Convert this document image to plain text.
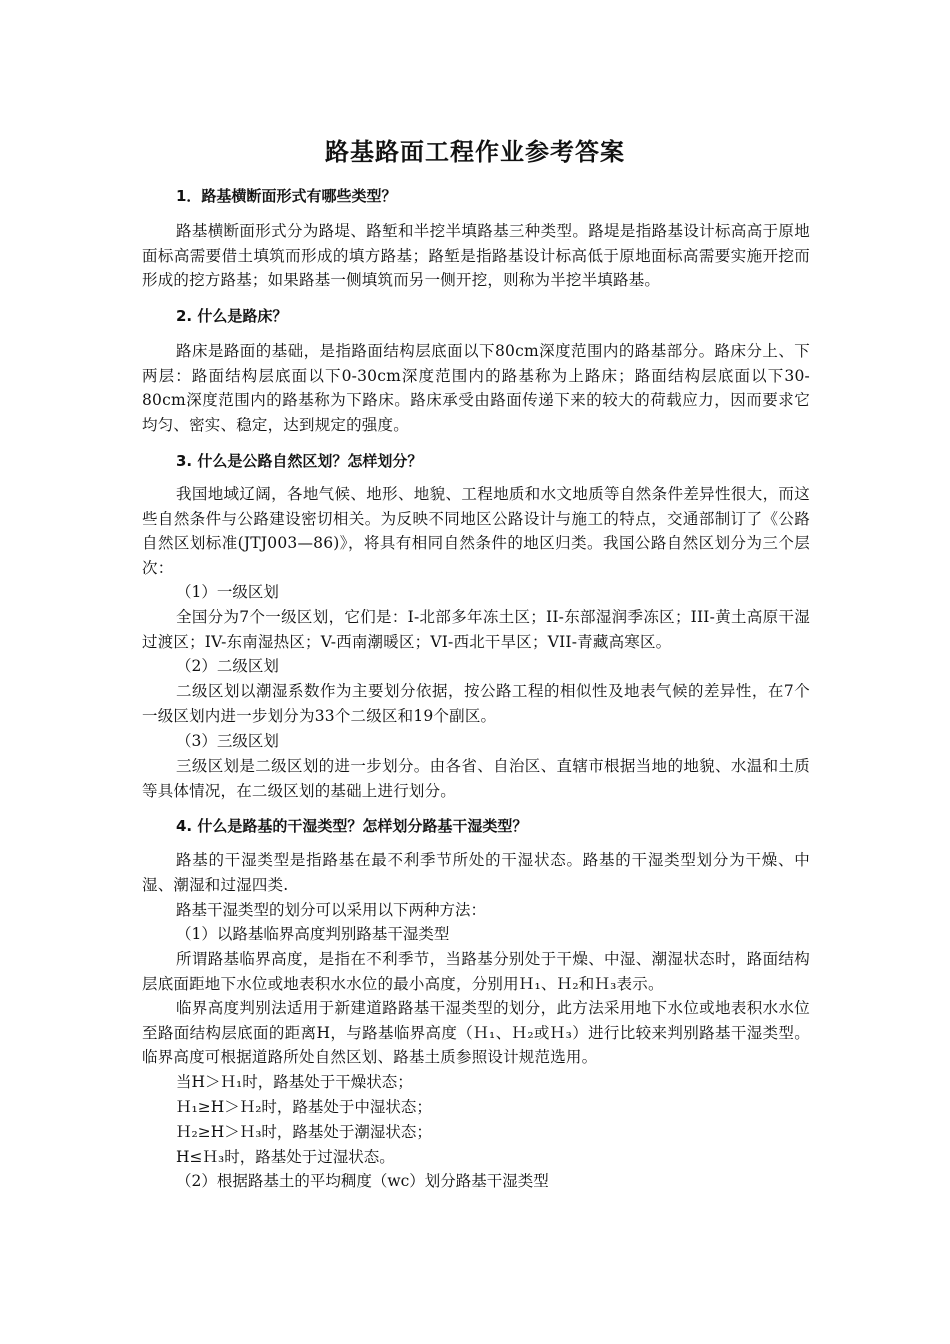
路基路面工程作业参考答案
1．路基横断面形式有哪些类型？
路基横断面形式分为路堤、路堑和半挖半填路基三种类型。路堤是指路基设计标高高于原地面标高需要借土填筑而形成的填方路基；路堑是指路基设计标高低于原地面标高需要实施开挖而形成的挖方路基；如果路基一侧填筑而另一侧开挖，则称为半挖半填路基。
2. 什么是路床？
路床是路面的基础，是指路面结构层底面以下80cm深度范围内的路基部分。路床分上、下两层：路面结构层底面以下0-30cm深度范围内的路基称为上路床；路面结构层底面以下30-80cm深度范围内的路基称为下路床。路床承受由路面传递下来的较大的荷载应力，因而要求它均匀、密实、稳定，达到规定的强度。
3. 什么是公路自然区划？怎样划分？
我国地域辽阔，各地气候、地形、地貌、工程地质和水文地质等自然条件差异性很大，而这些自然条件与公路建设密切相关。为反映不同地区公路设计与施工的特点，交通部制订了《公路自然区划标准(JTJ003—86)》，将具有相同自然条件的地区归类。我国公路自然区划分为三个层次：
（1）一级区划
全国分为7个一级区划，它们是：I-北部多年冻土区；II-东部湿润季冻区；III-黄土高原干湿过渡区；IV-东南湿热区；V-西南潮暖区；VI-西北干旱区；VII-青藏高寒区。
（2）二级区划
二级区划以潮湿系数作为主要划分依据，按公路工程的相似性及地表气候的差异性，在7个一级区划内进一步划分为33个二级区和19个副区。
（3）三级区划
三级区划是二级区划的进一步划分。由各省、自治区、直辖市根据当地的地貌、水温和土质等具体情况，在二级区划的基础上进行划分。
4. 什么是路基的干湿类型？怎样划分路基干湿类型？
路基的干湿类型是指路基在最不利季节所处的干湿状态。路基的干湿类型划分为干燥、中湿、潮湿和过湿四类.
路基干湿类型的划分可以采用以下两种方法：
（1）以路基临界高度判别路基干湿类型
所谓路基临界高度，是指在不利季节，当路基分别处于干燥、中湿、潮湿状态时，路面结构层底面距地下水位或地表积水水位的最小高度，分别用Ｈ₁、Ｈ₂和Ｈ₃表示。
临界高度判别法适用于新建道路路基干湿类型的划分，此方法采用地下水位或地表积水水位至路面结构层底面的距离H，与路基临界高度（Ｈ₁、Ｈ₂或Ｈ₃）进行比较来判别路基干湿类型。临界高度可根据道路所处自然区划、路基土质参照设计规范选用。
当H＞Ｈ₁时，路基处于干燥状态；
Ｈ₁≥H＞Ｈ₂时，路基处于中湿状态；
Ｈ₂≥H＞Ｈ₃时，路基处于潮湿状态；
H≤Ｈ₃时，路基处于过湿状态。
（2）根据路基土的平均稠度（wc）划分路基干湿类型
